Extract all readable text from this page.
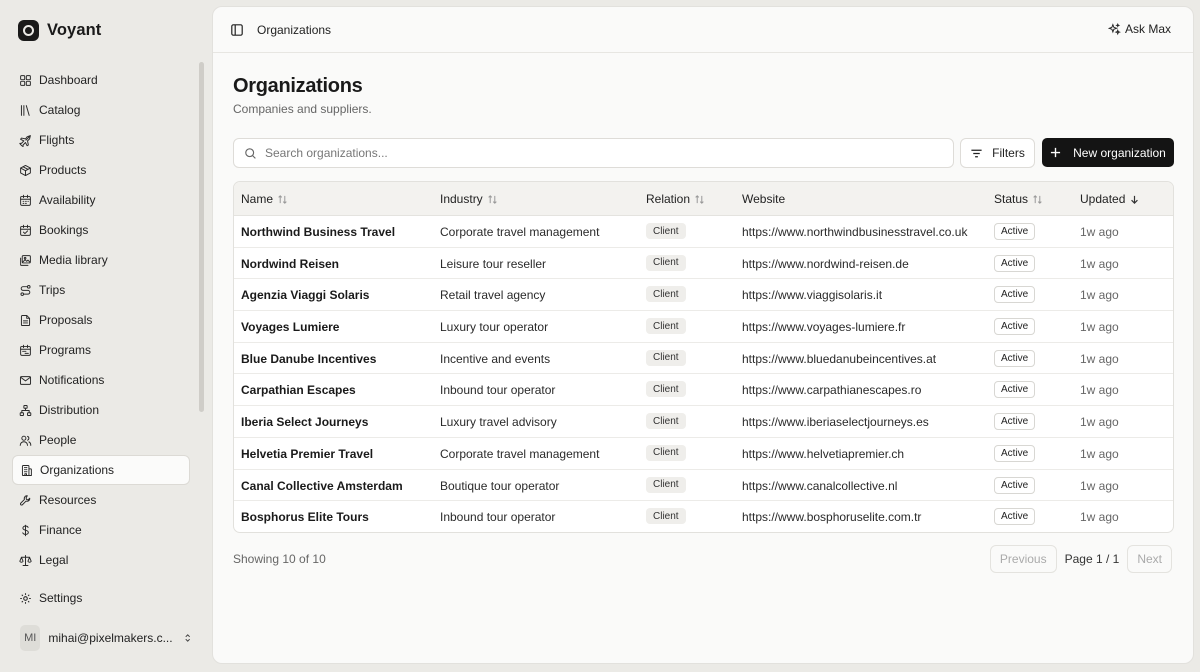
Voyant
Dashboard
Catalog
Flights
Products
Availability
Bookings
Media library
Trips
Proposals
Programs
Notifications
Distribution
People
Organizations
Resources
Finance
Legal
Settings
MI	mihai@pixelmakers.c...
Organizations	Ask Max
Organizations
Companies and suppliers.
Search organizations...
Filters	New organization
Name	Industry	Relation	Website	Status	Updated
Northwind Business Travel	Corporate travel management	Client	https://www.northwindbusinesstravel.co.uk	Active	1w ago
Nordwind Reisen	Leisure tour reseller	Client	https://www.nordwind-reisen.de	Active	1w ago
Agenzia Viaggi Solaris	Retail travel agency	Client	https://www.viaggisolaris.it	Active	1w ago
Voyages Lumiere	Luxury tour operator	Client	https://www.voyages-lumiere.fr	Active	1w ago
Blue Danube Incentives	Incentive and events	Client	https://www.bluedanubeincentives.at	Active	1w ago
Carpathian Escapes	Inbound tour operator	Client	https://www.carpathianescapes.ro	Active	1w ago
Iberia Select Journeys	Luxury travel advisory	Client	https://www.iberiaselectjourneys.es	Active	1w ago
Helvetia Premier Travel	Corporate travel management	Client	https://www.helvetiapremier.ch	Active	1w ago
Canal Collective Amsterdam	Boutique tour operator	Client	https://www.canalcollective.nl	Active	1w ago
Bosphorus Elite Tours	Inbound tour operator	Client	https://www.bosphoruselite.com.tr	Active	1w ago
Showing 10 of 10	Previous	Page 1 / 1	Next
